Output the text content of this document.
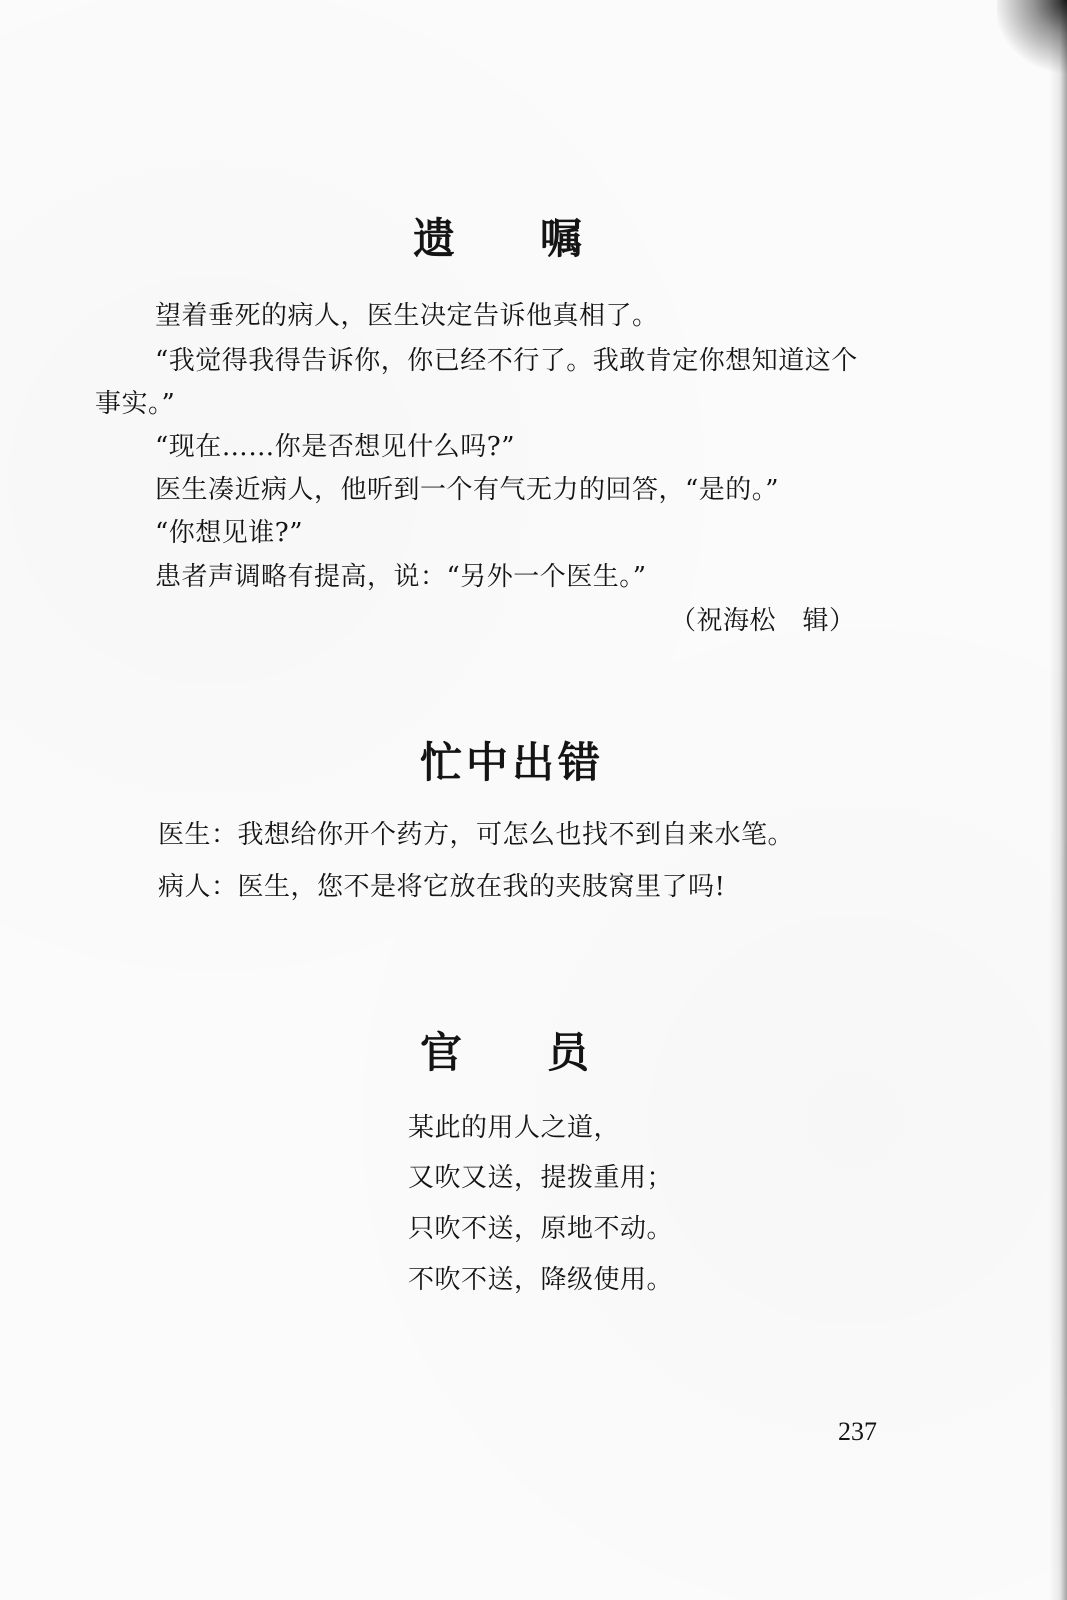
遗嘱
望着垂死的病人，医生决定告诉他真相了。
“我觉得我得告诉你，你已经不行了。我敢肯定你想知道这个
事实。”
“现在……你是否想见什么吗?”
医生凑近病人，他听到一个有气无力的回答，“是的。”
“你想见谁?”
患者声调略有提高，说：“另外一个医生。”
（祝海松　辑）
忙中出错
医生：我想给你开个药方，可怎么也找不到自来水笔。
病人：医生，您不是将它放在我的夹肢窝里了吗!
官员
某此的用人之道，
又吹又送，提拨重用；
只吹不送，原地不动。
不吹不送，降级使用。
237
